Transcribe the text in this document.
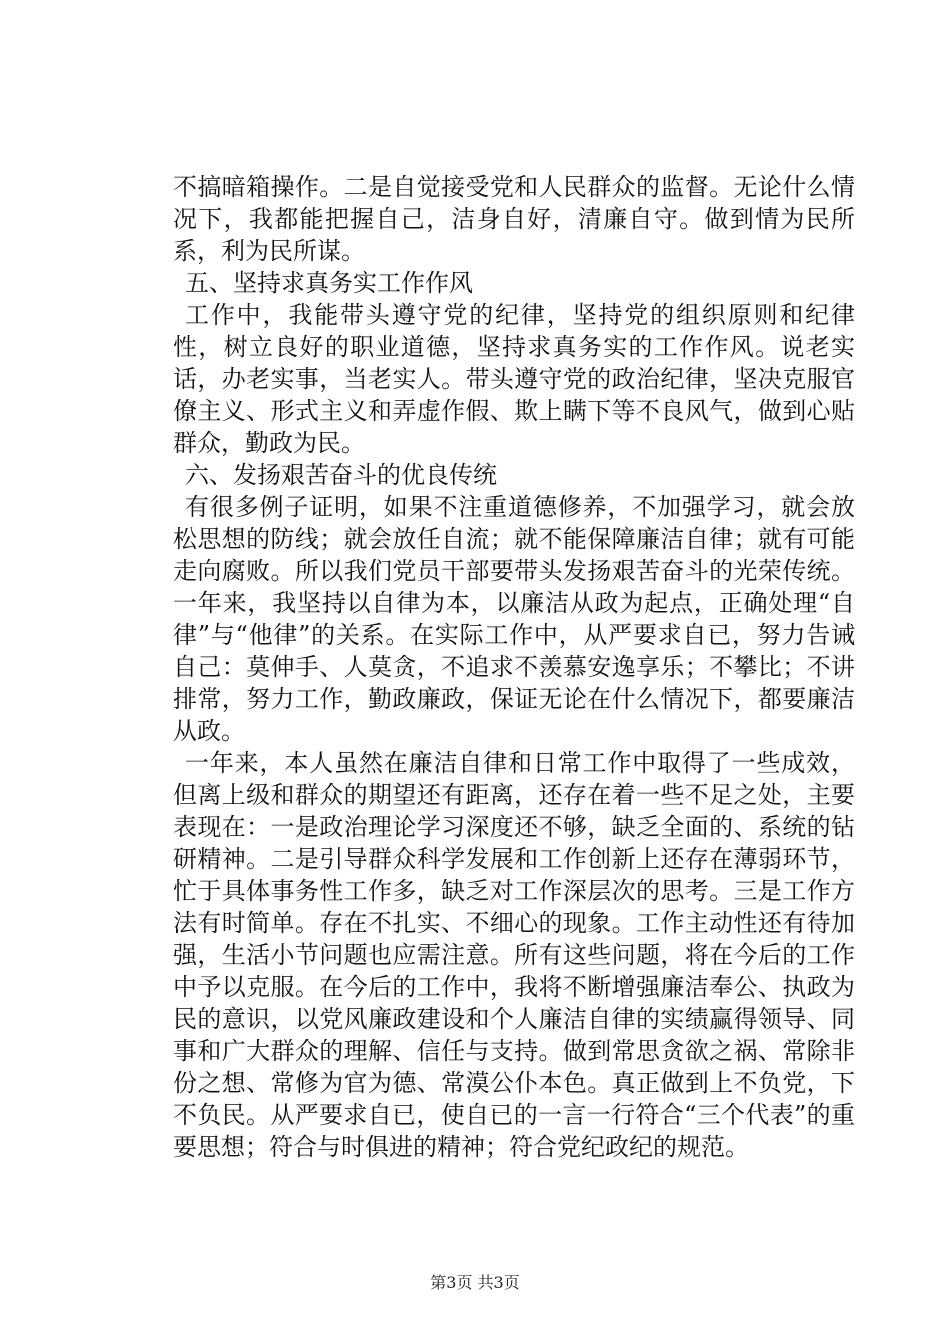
不搞暗箱操作。二是自觉接受党和人民群众的监督。无论什么情况下，我都能把握自己，洁身自好，清廉自守。做到情为民所系，利为民所谋。

五、坚持求真务实工作作风

工作中，我能带头遵守党的纪律，坚持党的组织原则和纪律性，树立良好的职业道德，坚持求真务实的工作作风。说老实话，办老实事，当老实人。带头遵守党的政治纪律，坚决克服官僚主义、形式主义和弄虚作假、欺上瞒下等不良风气，做到心贴群众，勤政为民。

六、发扬艰苦奋斗的优良传统

有很多例子证明，如果不注重道德修养，不加强学习，就会放松思想的防线；就会放任自流；就不能保障廉洁自律；就有可能走向腐败。所以我们党员干部要带头发扬艰苦奋斗的光荣传统。一年来，我坚持以自律为本，以廉洁从政为起点，正确处理“自律”与“他律”的关系。在实际工作中，从严要求自已，努力告诫自己：莫伸手、人莫贪，不追求不羡慕安逸享乐；不攀比；不讲排常，努力工作，勤政廉政，保证无论在什么情况下，都要廉洁从政。

一年来，本人虽然在廉洁自律和日常工作中取得了一些成效，但离上级和群众的期望还有距离，还存在着一些不足之处，主要表现在：一是政治理论学习深度还不够，缺乏全面的、系统的钻研精神。二是引导群众科学发展和工作创新上还存在薄弱环节，忙于具体事务性工作多，缺乏对工作深层次的思考。三是工作方法有时简单。存在不扎实、不细心的现象。工作主动性还有待加强，生活小节问题也应需注意。所有这些问题，将在今后的工作中予以克服。在今后的工作中，我将不断增强廉洁奉公、执政为民的意识，以党风廉政建设和个人廉洁自律的实绩赢得领导、同事和广大群众的理解、信任与支持。做到常思贪欲之祸、常除非份之想、常修为官为德、常漠公仆本色。真正做到上不负党，下不负民。从严要求自已，使自已的一言一行符合“三个代表”的重要思想；符合与时俱进的精神；符合党纪政纪的规范。

第3页 共3页
